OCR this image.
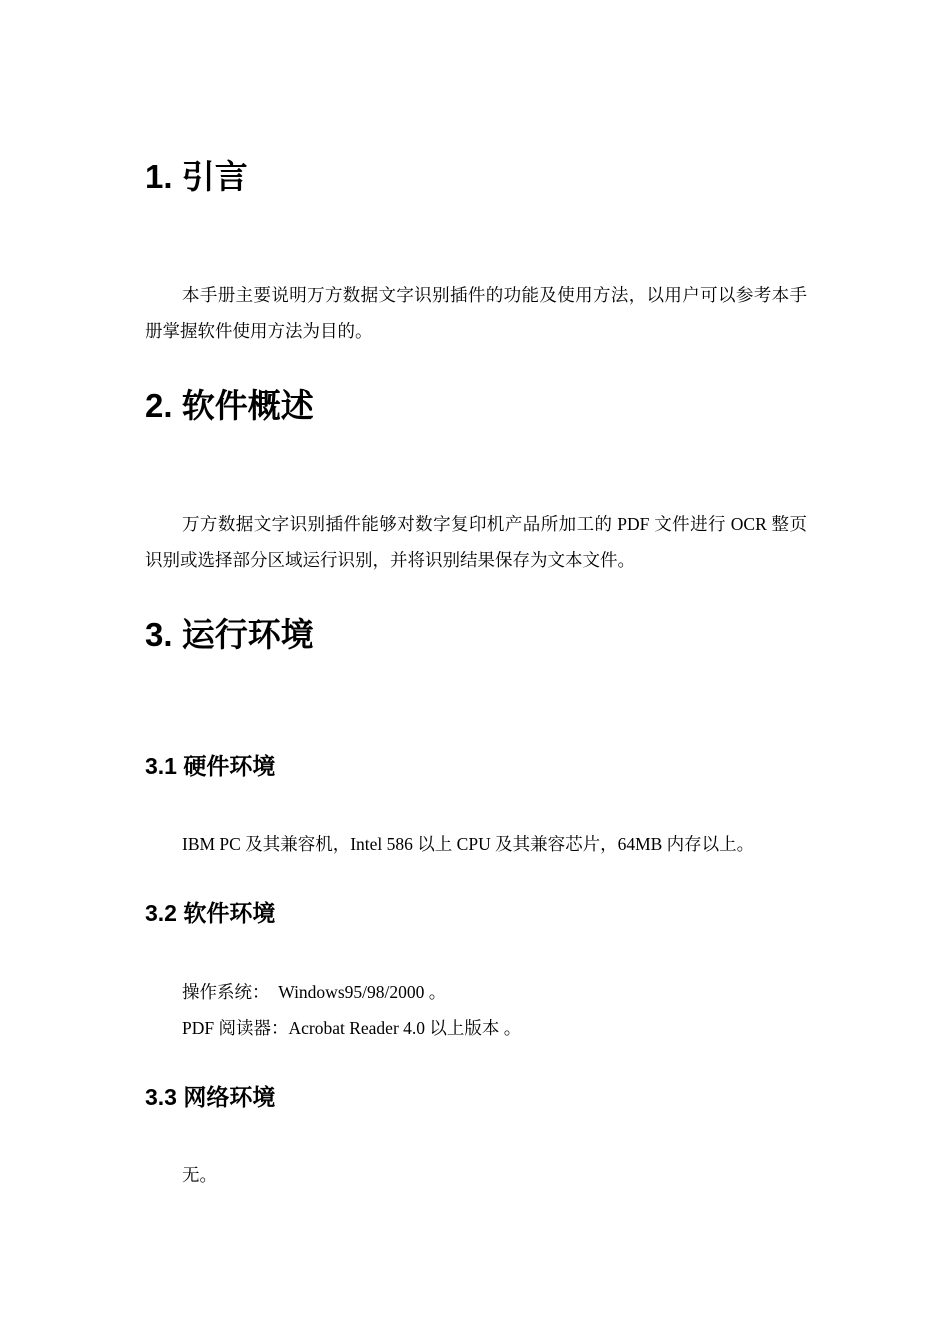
1. 引言

本手册主要说明万方数据文字识别插件的功能及使用方法，以用户可以参考本手册掌握软件使用方法为目的。

2. 软件概述

万方数据文字识别插件能够对数字复印机产品所加工的 PDF 文件进行 OCR 整页识别或选择部分区域运行识别，并将识别结果保存为文本文件。

3. 运行环境
3.1 硬件环境

IBM PC 及其兼容机，Intel 586 以上 CPU 及其兼容芯片，64MB 内存以上。

3.2 软件环境

操作系统：  Windows95/98/2000 。

PDF 阅读器：Acrobat Reader 4.0 以上版本 。

3.3 网络环境

无。
